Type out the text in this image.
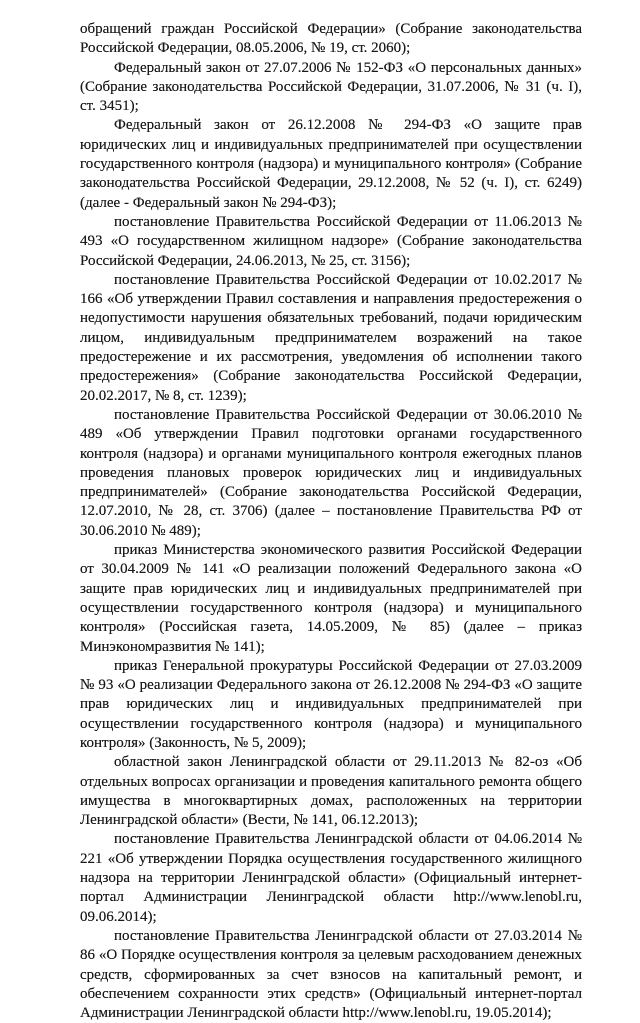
обращений граждан Российской Федерации» (Собрание законодательства Российской Федерации, 08.05.2006, № 19, ст. 2060);

Федеральный закон от 27.07.2006 № 152-ФЗ «О персональных данных» (Собрание законодательства Российской Федерации, 31.07.2006, № 31 (ч. I), ст. 3451);

Федеральный закон от 26.12.2008 № 294-ФЗ «О защите прав юридических лиц и индивидуальных предпринимателей при осуществлении государственного контроля (надзора) и муниципального контроля» (Собрание законодательства Российской Федерации, 29.12.2008, № 52 (ч. I), ст. 6249) (далее - Федеральный закон № 294-ФЗ);

постановление Правительства Российской Федерации от 11.06.2013 № 493 «О государственном жилищном надзоре» (Собрание законодательства Российской Федерации, 24.06.2013, № 25, ст. 3156);

постановление Правительства Российской Федерации от 10.02.2017 № 166 «Об утверждении Правил составления и направления предостережения о недопустимости нарушения обязательных требований, подачи юридическим лицом, индивидуальным предпринимателем возражений на такое предостережение и их рассмотрения, уведомления об исполнении такого предостережения» (Собрание законодательства Российской Федерации, 20.02.2017, № 8, ст. 1239);

постановление Правительства Российской Федерации от 30.06.2010 № 489 «Об утверждении Правил подготовки органами государственного контроля (надзора) и органами муниципального контроля ежегодных планов проведения плановых проверок юридических лиц и индивидуальных предпринимателей» (Собрание законодательства Российской Федерации, 12.07.2010, № 28, ст. 3706) (далее – постановление Правительства РФ от 30.06.2010 № 489);

приказ Министерства экономического развития Российской Федерации от 30.04.2009 № 141 «О реализации положений Федерального закона «О защите прав юридических лиц и индивидуальных предпринимателей при осуществлении государственного контроля (надзора) и муниципального контроля» (Российская газета, 14.05.2009, № 85) (далее – приказ Минэкономразвития № 141);

приказ Генеральной прокуратуры Российской Федерации от 27.03.2009 № 93 «О реализации Федерального закона от 26.12.2008 № 294-ФЗ «О защите прав юридических лиц и индивидуальных предпринимателей при осуществлении государственного контроля (надзора) и муниципального контроля» (Законность, № 5, 2009);

областной закон Ленинградской области от 29.11.2013 № 82-оз «Об отдельных вопросах организации и проведения капитального ремонта общего имущества в многоквартирных домах, расположенных на территории Ленинградской области» (Вести, № 141, 06.12.2013);

постановление Правительства Ленинградской области от 04.06.2014 № 221 «Об утверждении Порядка осуществления государственного жилищного надзора на территории Ленинградской области» (Официальный интернет-портал Администрации Ленинградской области http://www.lenobl.ru, 09.06.2014);

постановление Правительства Ленинградской области от 27.03.2014 № 86 «О Порядке осуществления контроля за целевым расходованием денежных средств, сформированных за счет взносов на капитальный ремонт, и обеспечением сохранности этих средств» (Официальный интернет-портал Администрации Ленинградской области http://www.lenobl.ru, 19.05.2014);
